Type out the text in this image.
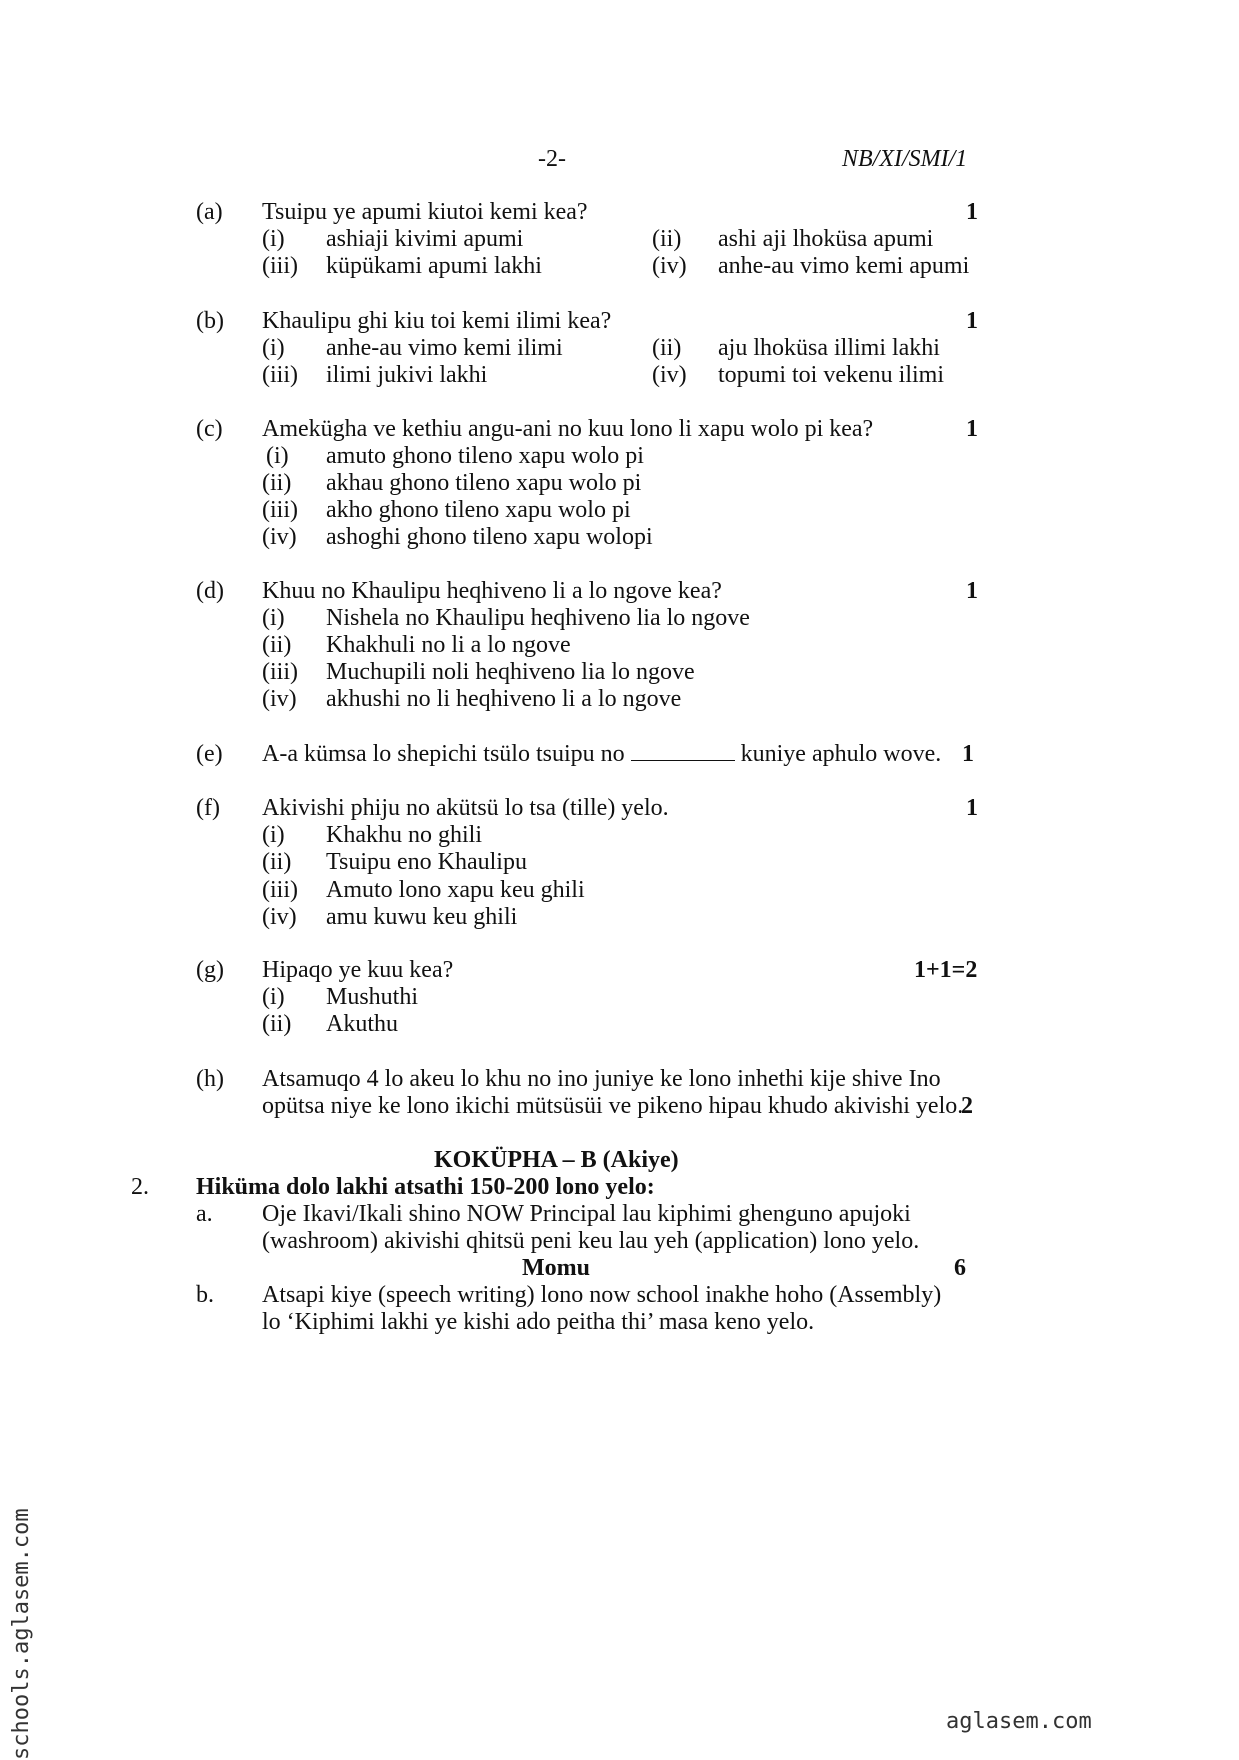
-2-	NB/XI/SMI/1
(a) Tsuipu ye apumi kiutoi kemi kea?	1
(i) ashiaji kivimi apumi	(ii) ashi aji lhoküsa apumi
(iii) küpükami apumi lakhi	(iv) anhe-au vimo kemi apumi
(b) Khaulipu ghi kiu toi kemi ilimi kea?	1
(i) anhe-au vimo kemi ilimi	(ii) aju lhoküsa illimi lakhi
(iii) ilimi jukivi lakhi	(iv) topumi toi vekenu ilimi
(c) Amekügha ve kethiu angu-ani no kuu lono li xapu wolo pi kea?	1
(i) amuto ghono tileno xapu wolo pi
(ii) akhau ghono tileno xapu wolo pi
(iii) akho ghono tileno xapu wolo pi
(iv) ashoghi ghono tileno xapu wolopi
(d) Khuu no Khaulipu heqhiveno li a lo ngove kea?	1
(i) Nishela no Khaulipu heqhiveno lia lo ngove
(ii) Khakhuli no li a lo ngove
(iii) Muchupili noli heqhiveno lia lo ngove
(iv) akhushi no li heqhiveno li a lo ngove
(e) A-a kümsa lo shepichi tsülo tsuipu no	kuniye aphulo wove. 1
(f) Akivishi phiju no akütsü lo tsa (tille) yelo.	1
(i) Khakhu no ghili
(ii) Tsuipu eno Khaulipu
(iii) Amuto lono xapu keu ghili
(iv) amu kuwu keu ghili
(g) Hipaqo ye kuu kea?	1+1=2
(i) Mushuthi
(ii) Akuthu
(h) Atsamuqo 4 lo akeu lo khu no ino juniye ke lono inhethi kije shive Ino
opütsa niye ke lono ikichi mütsüsüi ve pikeno hipau khudo akivishi yelo.
2
KOKÜPHA – B (Akiye)
2. Hiküma dolo lakhi atsathi 150-200 lono yelo:
a. Oje Ikavi/Ikali shino NOW Principal lau kiphimi ghenguno apujoki
(washroom) akivishi qhitsü peni keu lau yeh (application) lono yelo.
Momu	6
b. Atsapi kiye (speech writing) lono now school inakhe hoho (Assembly)
lo ‘Kiphimi lakhi ye kishi ado peitha thi’ masa keno yelo.
schools.aglasem.com	aglasem.com
